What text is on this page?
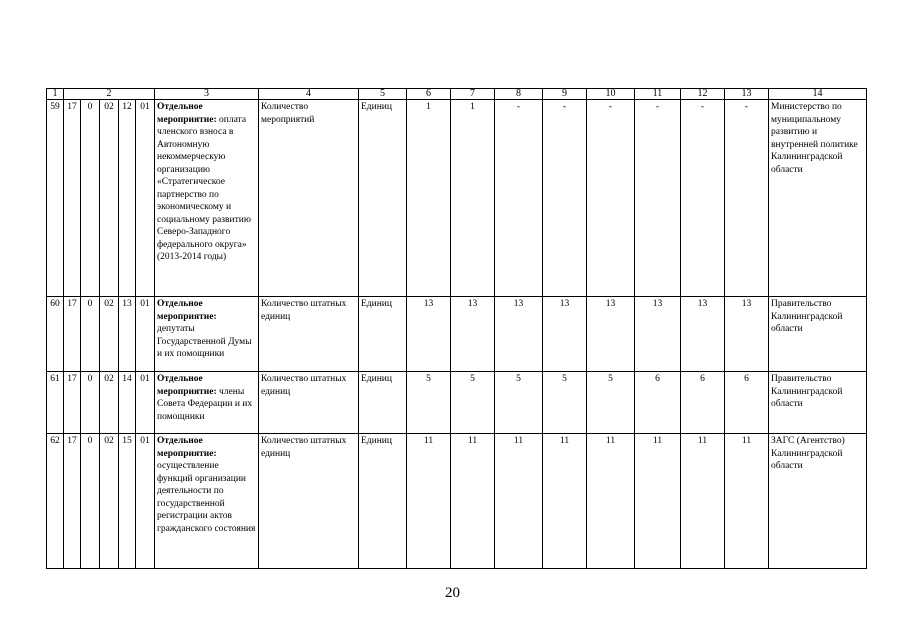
1	2					3	4	5	6	7	8	9	10	11	12	13	14
59	17	0	02	12	01	Отдельное мероприятие: оплата членского взноса в Автономную некоммерческую организацию «Стратегическое партнерство по экономическому и социальному развитию Северо-Западного федерального округа» (2013-2014 годы)	Количество мероприятий	Единиц	1	1	-	-	-	-	-	-	Министерство по муниципальному развитию и внутренней политике Калининградской области
60	17	0	02	13	01	Отдельное мероприятие: депутаты Государственной Думы и их помощники	Количество штатных единиц	Единиц	13	13	13	13	13	13	13	13	Правительство Калининградской области
61	17	0	02	14	01	Отдельное мероприятие: члены Совета Федерации и их помощники	Количество штатных единиц	Единиц	5	5	5	5	5	6	6	6	Правительство Калининградской области
62	17	0	02	15	01	Отдельное мероприятие: осуществление функций организации деятельности по государственной регистрации актов гражданского состояния	Количество штатных единиц	Единиц	11	11	11	11	11	11	11	11	ЗАГС (Агентство) Калининградской области
20
